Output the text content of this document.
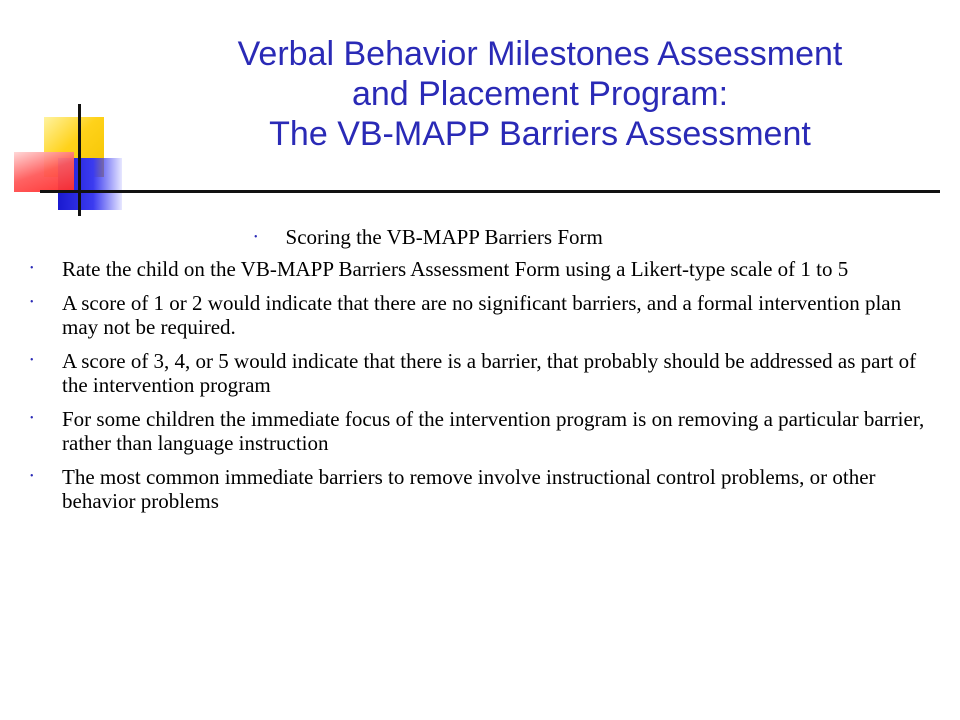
Verbal Behavior Milestones Assessment
and Placement Program:
The VB-MAPP Barriers Assessment
• Scoring the VB-MAPP Barriers Form
• Rate the child on the VB-MAPP Barriers Assessment Form using a Likert-type scale of 1 to 5
• A score of 1 or 2 would indicate that there are no significant barriers, and a formal intervention plan may not be required.
• A score of 3, 4, or 5 would indicate that there is a barrier, that probably should be addressed as part of the intervention program
• For some children the immediate focus of the intervention program is on removing a particular barrier, rather than language instruction
• The most common immediate barriers to remove involve instructional control problems, or other behavior problems
